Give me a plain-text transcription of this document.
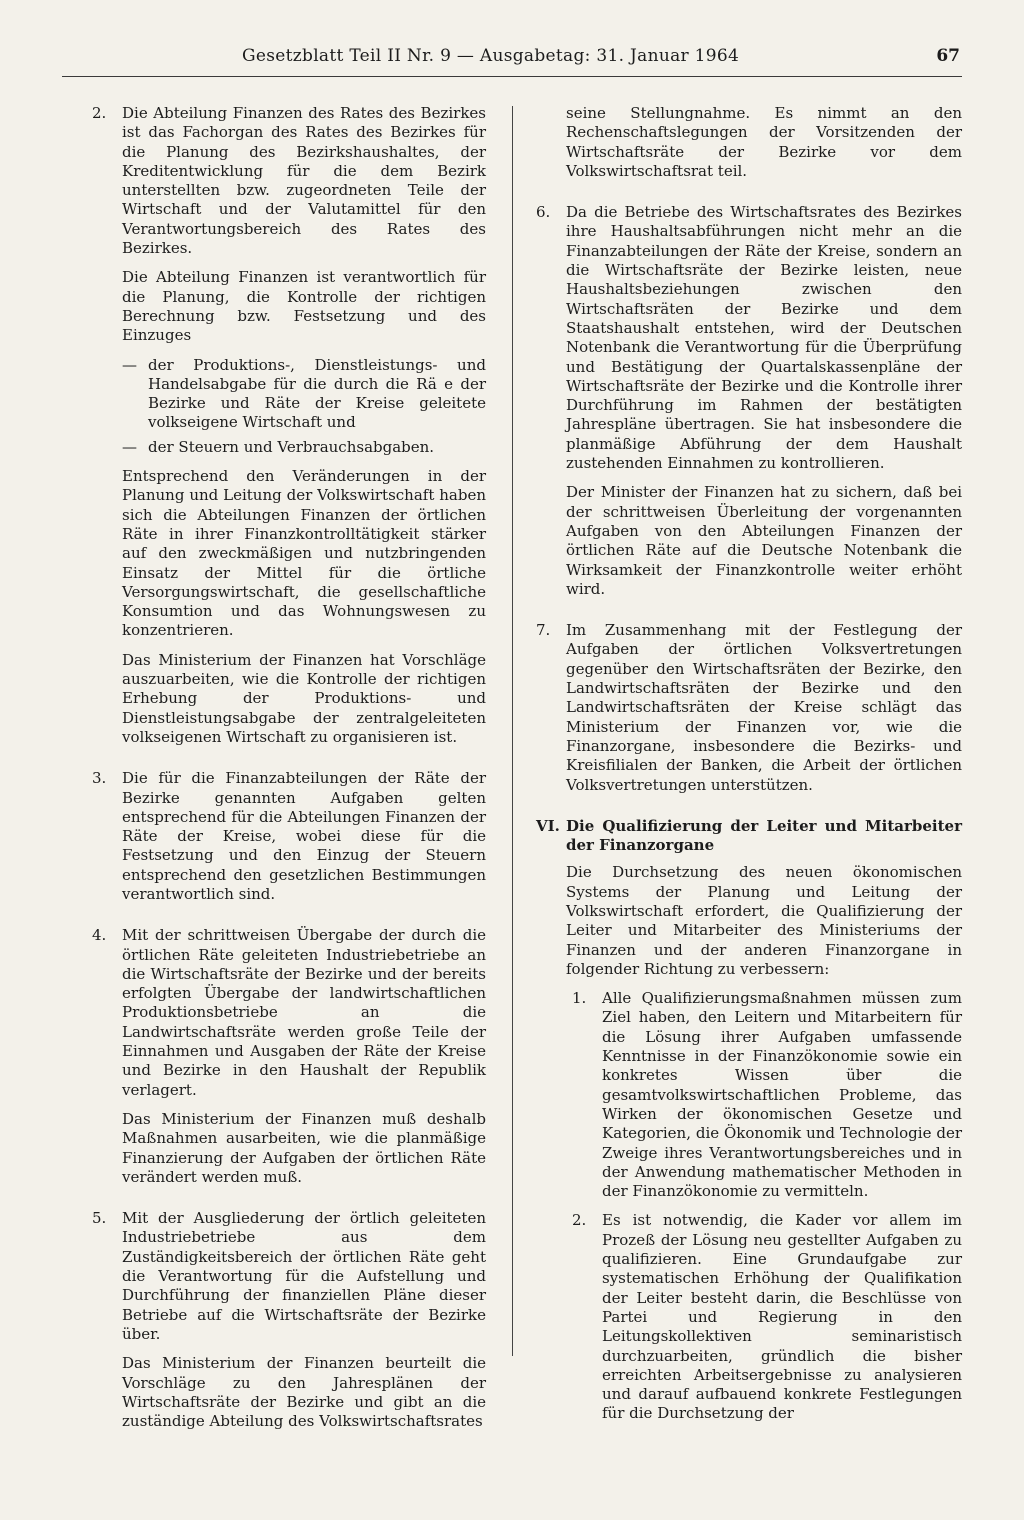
Gesetzblatt Teil II Nr. 9 — Ausgabetag: 31. Januar 1964	67
2.	Die Abteilung Finanzen des Rates des Bezirkes ist das Fachorgan des Rates des Bezirkes für die Planung des Bezirkshaushaltes, der Kreditentwicklung für die dem Bezirk unterstellten bzw. zugeordneten Teile der Wirtschaft und der Valutamittel für den Verantwortungsbereich des Rates des Bezirkes.

Die Abteilung Finanzen ist verantwortlich für die Planung, die Kontrolle der richtigen Berechnung bzw. Festsetzung und des Einzuges

— der Produktions-, Dienstleistungs- und Handelsabgabe für die durch die Rä e der Bezirke und Räte der Kreise geleitete volkseigene Wirtschaft und
— der Steuern und Verbrauchsabgaben.

Entsprechend den Veränderungen in der Planung und Leitung der Volkswirtschaft haben sich die Abteilungen Finanzen der örtlichen Räte in ihrer Finanzkontrolltätigkeit stärker auf den zweckmäßigen und nutzbringenden Einsatz der Mittel für die örtliche Versorgungswirtschaft, die gesellschaftliche Konsumtion und das Wohnungswesen zu konzentrieren.

Das Ministerium der Finanzen hat Vorschläge auszuarbeiten, wie die Kontrolle der richtigen Erhebung der Produktions- und Dienstleistungsabgabe der zentralgeleiteten volkseigenen Wirtschaft zu organisieren ist.

3.	Die für die Finanzabteilungen der Räte der Bezirke genannten Aufgaben gelten entsprechend für die Abteilungen Finanzen der Räte der Kreise, wobei diese für die Festsetzung und den Einzug der Steuern entsprechend den gesetzlichen Bestimmungen verantwortlich sind.

4.	Mit der schrittweisen Übergabe der durch die örtlichen Räte geleiteten Industriebetriebe an die Wirtschaftsräte der Bezirke und der bereits erfolgten Übergabe der landwirtschaftlichen Produktionsbetriebe an die Landwirtschaftsräte werden große Teile der Einnahmen und Ausgaben der Räte der Kreise und Bezirke in den Haushalt der Republik verlagert.

Das Ministerium der Finanzen muß deshalb Maßnahmen ausarbeiten, wie die planmäßige Finanzierung der Aufgaben der örtlichen Räte verändert werden muß.

5.	Mit der Ausgliederung der örtlich geleiteten Industriebetriebe aus dem Zuständigkeitsbereich der örtlichen Räte geht die Verantwortung für die Aufstellung und Durchführung der finanziellen Pläne dieser Betriebe auf die Wirtschaftsräte der Bezirke über.

Das Ministerium der Finanzen beurteilt die Vorschläge zu den Jahresplänen der Wirtschaftsräte der Bezirke und gibt an die zuständige Abteilung des Volkswirtschaftsrates

seine Stellungnahme. Es nimmt an den Rechenschaftslegungen der Vorsitzenden der Wirtschaftsräte der Bezirke vor dem Volkswirtschaftsrat teil.

6.	Da die Betriebe des Wirtschaftsrates des Bezirkes ihre Haushaltsabführungen nicht mehr an die Finanzabteilungen der Räte der Kreise, sondern an die Wirtschaftsräte der Bezirke leisten, neue Haushaltsbeziehungen zwischen den Wirtschaftsräten der Bezirke und dem Staatshaushalt entstehen, wird der Deutschen Notenbank die Verantwortung für die Überprüfung und Bestätigung der Quartalskassenpläne der Wirtschaftsräte der Bezirke und die Kontrolle ihrer Durchführung im Rahmen der bestätigten Jahrespläne übertragen. Sie hat insbesondere die planmäßige Abführung der dem Haushalt zustehenden Einnahmen zu kontrollieren.

Der Minister der Finanzen hat zu sichern, daß bei der schrittweisen Überleitung der vorgenannten Aufgaben von den Abteilungen Finanzen der örtlichen Räte auf die Deutsche Notenbank die Wirksamkeit der Finanzkontrolle weiter erhöht wird.

7.	Im Zusammenhang mit der Festlegung der Aufgaben der örtlichen Volksvertretungen gegenüber den Wirtschaftsräten der Bezirke, den Landwirtschaftsräten der Bezirke und den Landwirtschaftsräten der Kreise schlägt das Ministerium der Finanzen vor, wie die Finanzorgane, insbesondere die Bezirks- und Kreisfilialen der Banken, die Arbeit der örtlichen Volksvertretungen unterstützen.

VI. Die Qualifizierung der Leiter und Mitarbeiter der Finanzorgane

Die Durchsetzung des neuen ökonomischen Systems der Planung und Leitung der Volkswirtschaft erfordert, die Qualifizierung der Leiter und Mitarbeiter des Ministeriums der Finanzen und der anderen Finanzorgane in folgender Richtung zu verbessern:

1.	Alle Qualifizierungsmaßnahmen müssen zum Ziel haben, den Leitern und Mitarbeitern für die Lösung ihrer Aufgaben umfassende Kenntnisse in der Finanzökonomie sowie ein konkretes Wissen über die gesamtvolkswirtschaftlichen Probleme, das Wirken der ökonomischen Gesetze und Kategorien, die Ökonomik und Technologie der Zweige ihres Verantwortungsbereiches und in der Anwendung mathematischer Methoden in der Finanzökonomie zu vermitteln.
2.	Es ist notwendig, die Kader vor allem im Prozeß der Lösung neu gestellter Aufgaben zu qualifizieren. Eine Grundaufgabe zur systematischen Erhöhung der Qualifikation der Leiter besteht darin, die Beschlüsse von Partei und Regierung in den Leitungskollektiven seminaristisch durchzuarbeiten, gründlich die bisher erreichten Arbeitsergebnisse zu analysieren und darauf aufbauend konkrete Festlegungen für die Durchsetzung der
